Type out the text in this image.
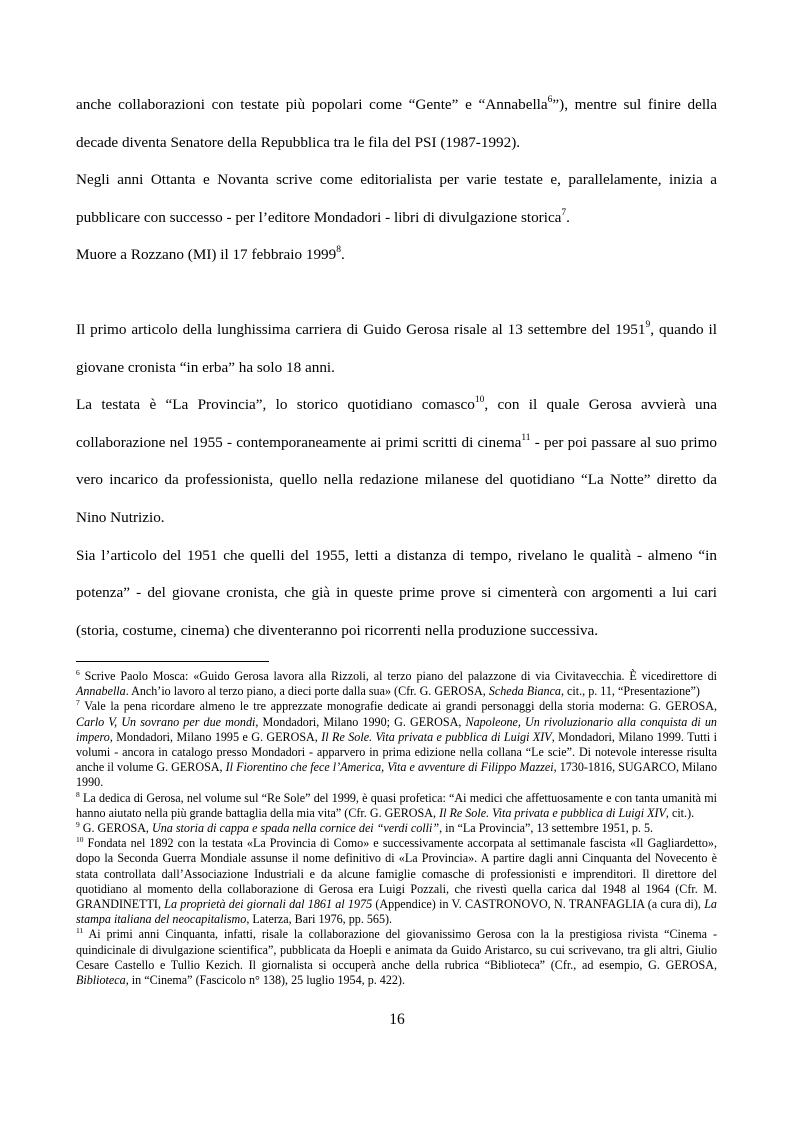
anche collaborazioni con testate più popolari come “Gente” e “Annabella$^6$”), mentre sul finire della decade diventa Senatore della Repubblica tra le fila del PSI (1987-1992).

Negli anni Ottanta e Novanta scrive come editorialista per varie testate e, parallelamente, inizia a pubblicare con successo - per l’editore Mondadori - libri di divulgazione storica$^7$.

Muore a Rozzano (MI) il 17 febbraio 1999$^8$.

Il primo articolo della lunghissima carriera di Guido Gerosa risale al 13 settembre del 1951$^9$, quando il giovane cronista “in erba” ha solo 18 anni.

La testata è “La Provincia”, lo storico quotidiano comasco$^{10}$, con il quale Gerosa avvierà una collaborazione nel 1955 - contemporaneamente ai primi scritti di cinema$^{11}$ - per poi passare al suo primo vero incarico da professionista, quello nella redazione milanese del quotidiano “La Notte” diretto da Nino Nutrizio.

Sia l’articolo del 1951 che quelli del 1955, letti a distanza di tempo, rivelano le qualità - almeno “in potenza” - del giovane cronista, che già in queste prime prove si cimenterà con argomenti a lui cari (storia, costume, cinema) che diventeranno poi ricorrenti nella produzione successiva.

$^6$ Scrive Paolo Mosca: «Guido Gerosa lavora alla Rizzoli, al terzo piano del palazzone di via Civitavecchia. È vicedirettore di Annabella. Anch’io lavoro al terzo piano, a dieci porte dalla sua» (Cfr. G. GEROSA, Scheda Bianca, cit., p. 11, “Presentazione”)

$^7$ Vale la pena ricordare almeno le tre apprezzate monografie dedicate ai grandi personaggi della storia moderna: G. GEROSA, Carlo V, Un sovrano per due mondi, Mondadori, Milano 1990; G. GEROSA, Napoleone, Un rivoluzionario alla conquista di un impero, Mondadori, Milano 1995 e G. GEROSA, Il Re Sole. Vita privata e pubblica di Luigi XIV, Mondadori, Milano 1999. Tutti i volumi - ancora in catalogo presso Mondadori - apparvero in prima edizione nella collana “Le scie”. Di notevole interesse risulta anche il volume G. GEROSA, Il Fiorentino che fece l’America, Vita e avventure di Filippo Mazzei, 1730-1816, SUGARCO, Milano 1990.

$^8$ La dedica di Gerosa, nel volume sul “Re Sole” del 1999, è quasi profetica: “Ai medici che affettuosamente e con tanta umanità mi hanno aiutato nella più grande battaglia della mia vita” (Cfr. G. GEROSA, Il Re Sole. Vita privata e pubblica di Luigi XIV, cit.).

$^9$ G. GEROSA, Una storia di cappa e spada nella cornice dei “verdi colli”, in “La Provincia”, 13 settembre 1951, p. 5.

$^{10}$ Fondata nel 1892 con la testata «La Provincia di Como» e successivamente accorpata al settimanale fascista «Il Gagliardetto», dopo la Seconda Guerra Mondiale assunse il nome definitivo di «La Provincia». A partire dagli anni Cinquanta del Novecento è stata controllata dall’Associazione Industriali e da alcune famiglie comasche di professionisti e imprenditori. Il direttore del quotidiano al momento della collaborazione di Gerosa era Luigi Pozzali, che rivestì quella carica dal 1948 al 1964 (Cfr. M. GRANDINETTI, La proprietà dei giornali dal 1861 al 1975 (Appendice) in V. CASTRONOVO, N. TRANFAGLIA (a cura di), La stampa italiana del neocapitalismo, Laterza, Bari 1976, pp. 565).

$^{11}$ Ai primi anni Cinquanta, infatti, risale la collaborazione del giovanissimo Gerosa con la la prestigiosa rivista “Cinema - quindicinale di divulgazione scientifica”, pubblicata da Hoepli e animata da Guido Aristarco, su cui scrivevano, tra gli altri, Giulio Cesare Castello e Tullio Kezich. Il giornalista si occuperà anche della rubrica “Biblioteca” (Cfr., ad esempio, G. GEROSA, Biblioteca, in “Cinema” (Fascicolo n° 138), 25 luglio 1954, p. 422).

16
